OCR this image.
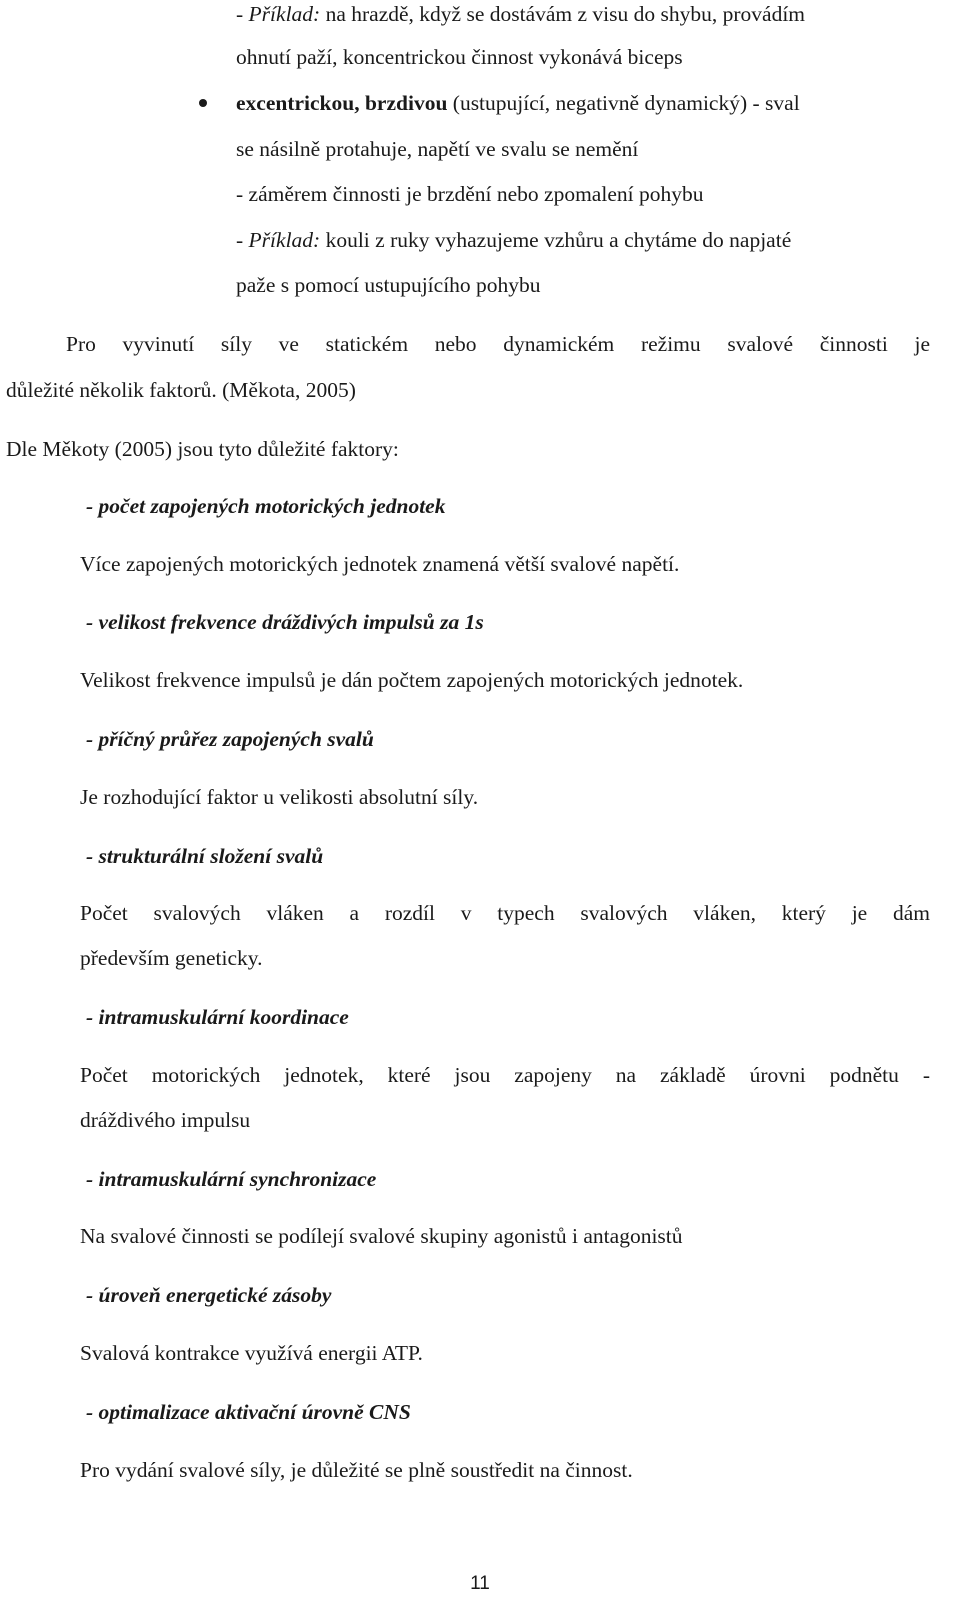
- Příklad: na hrazdě, když se dostávám z visu do shybu, provádím
ohnutí paží, koncentrickou činnost vykonává biceps
excentrickou, brzdivou (ustupující, negativně dynamický) - sval
se násilně protahuje, napětí ve svalu se nemění
- záměrem činnosti je brzdění nebo zpomalení pohybu
- Příklad: kouli z ruky vyhazujeme vzhůru a chytáme do napjaté
paže s pomocí ustupujícího pohybu
Pro vyvinutí síly ve statickém nebo dynamickém režimu svalové činnosti je
důležité několik faktorů. (Měkota, 2005)
Dle Měkoty (2005) jsou tyto důležité faktory:
- počet zapojených motorických jednotek
Více zapojených motorických jednotek znamená větší svalové napětí.
- velikost frekvence dráždivých impulsů za 1s
Velikost frekvence impulsů je dán počtem zapojených motorických jednotek.
- příčný průřez zapojených svalů
Je rozhodující faktor u velikosti absolutní síly.
- strukturální složení svalů
Počet svalových vláken a rozdíl v typech svalových vláken, který je dám
především geneticky.
- intramuskulární koordinace
Počet motorických jednotek, které jsou zapojeny na základě úrovni podnětu -
dráždivého impulsu
- intramuskulární synchronizace
Na svalové činnosti se podílejí svalové skupiny agonistů i antagonistů
- úroveň energetické zásoby
Svalová kontrakce využívá energii ATP.
- optimalizace aktivační úrovně CNS
Pro vydání svalové síly, je důležité se plně soustředit na činnost.
11
